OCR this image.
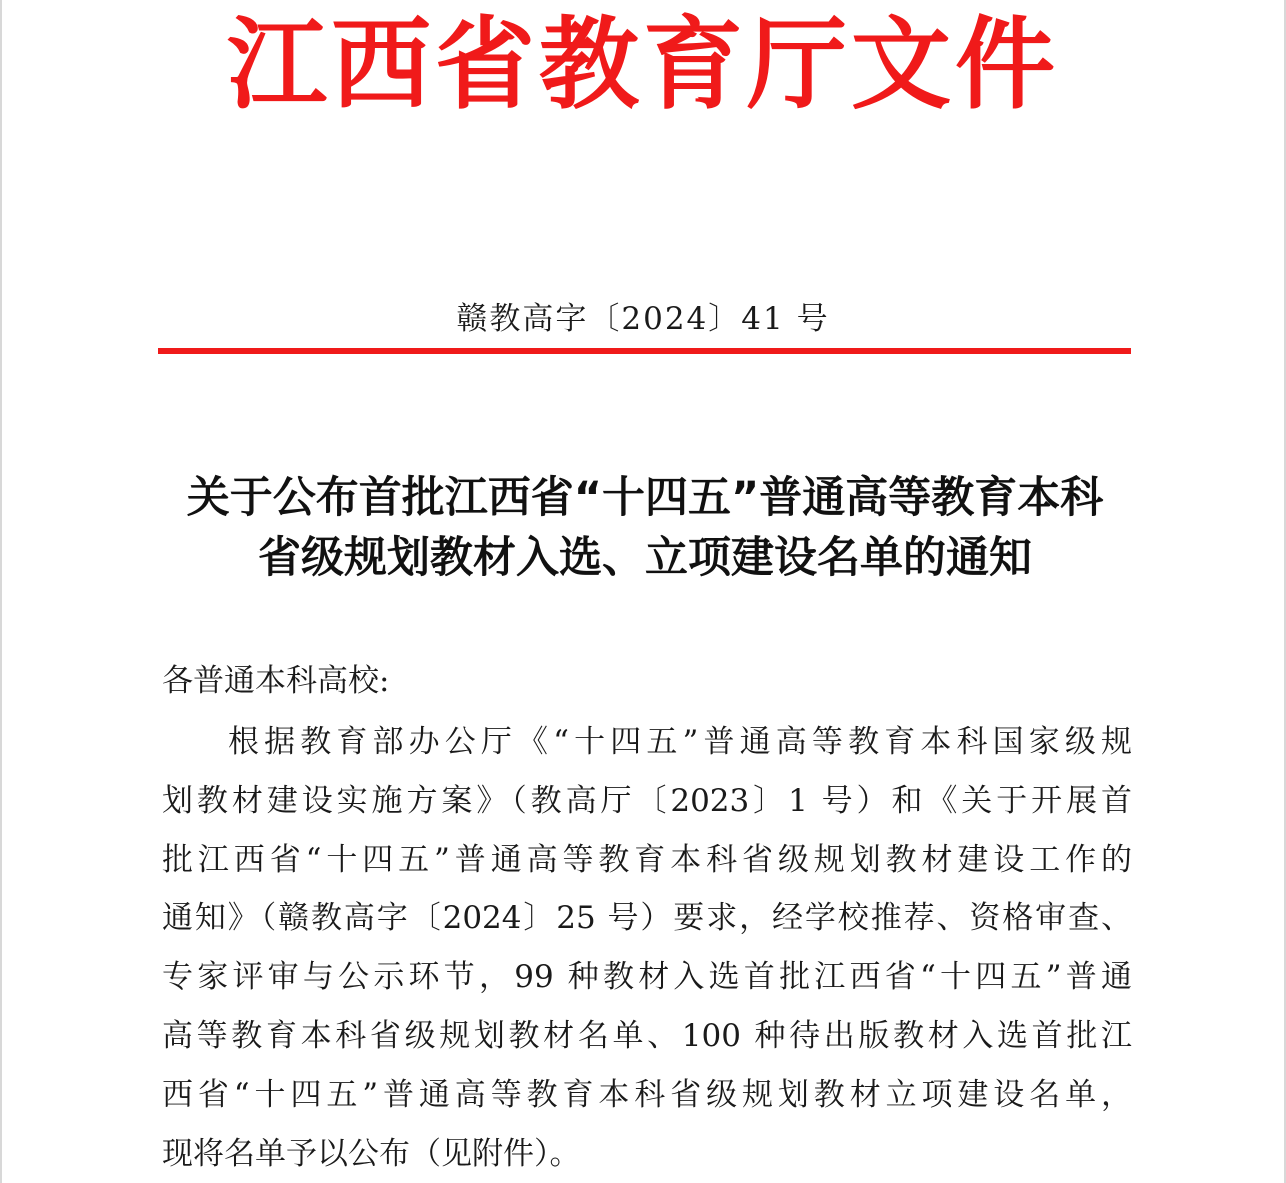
江西省教育厅文件
赣教高字〔2024〕41 号
关于公布首批江西省“十四五”普通高等教育本科
省级规划教材入选、立项建设名单的通知
各普通本科高校:
根据教育部办公厅《“十四五”普通高等教育本科国家级规
划教材建设实施方案》（教高厅〔2023〕1 号）和《关于开展首
批江西省“十四五”普通高等教育本科省级规划教材建设工作的
通知》（赣教高字〔2024〕25 号）要求，经学校推荐、资格审查、
专家评审与公示环节，99 种教材入选首批江西省“十四五”普通
高等教育本科省级规划教材名单、100 种待出版教材入选首批江
西省“十四五”普通高等教育本科省级规划教材立项建设名单，
现将名单予以公布（见附件）。
